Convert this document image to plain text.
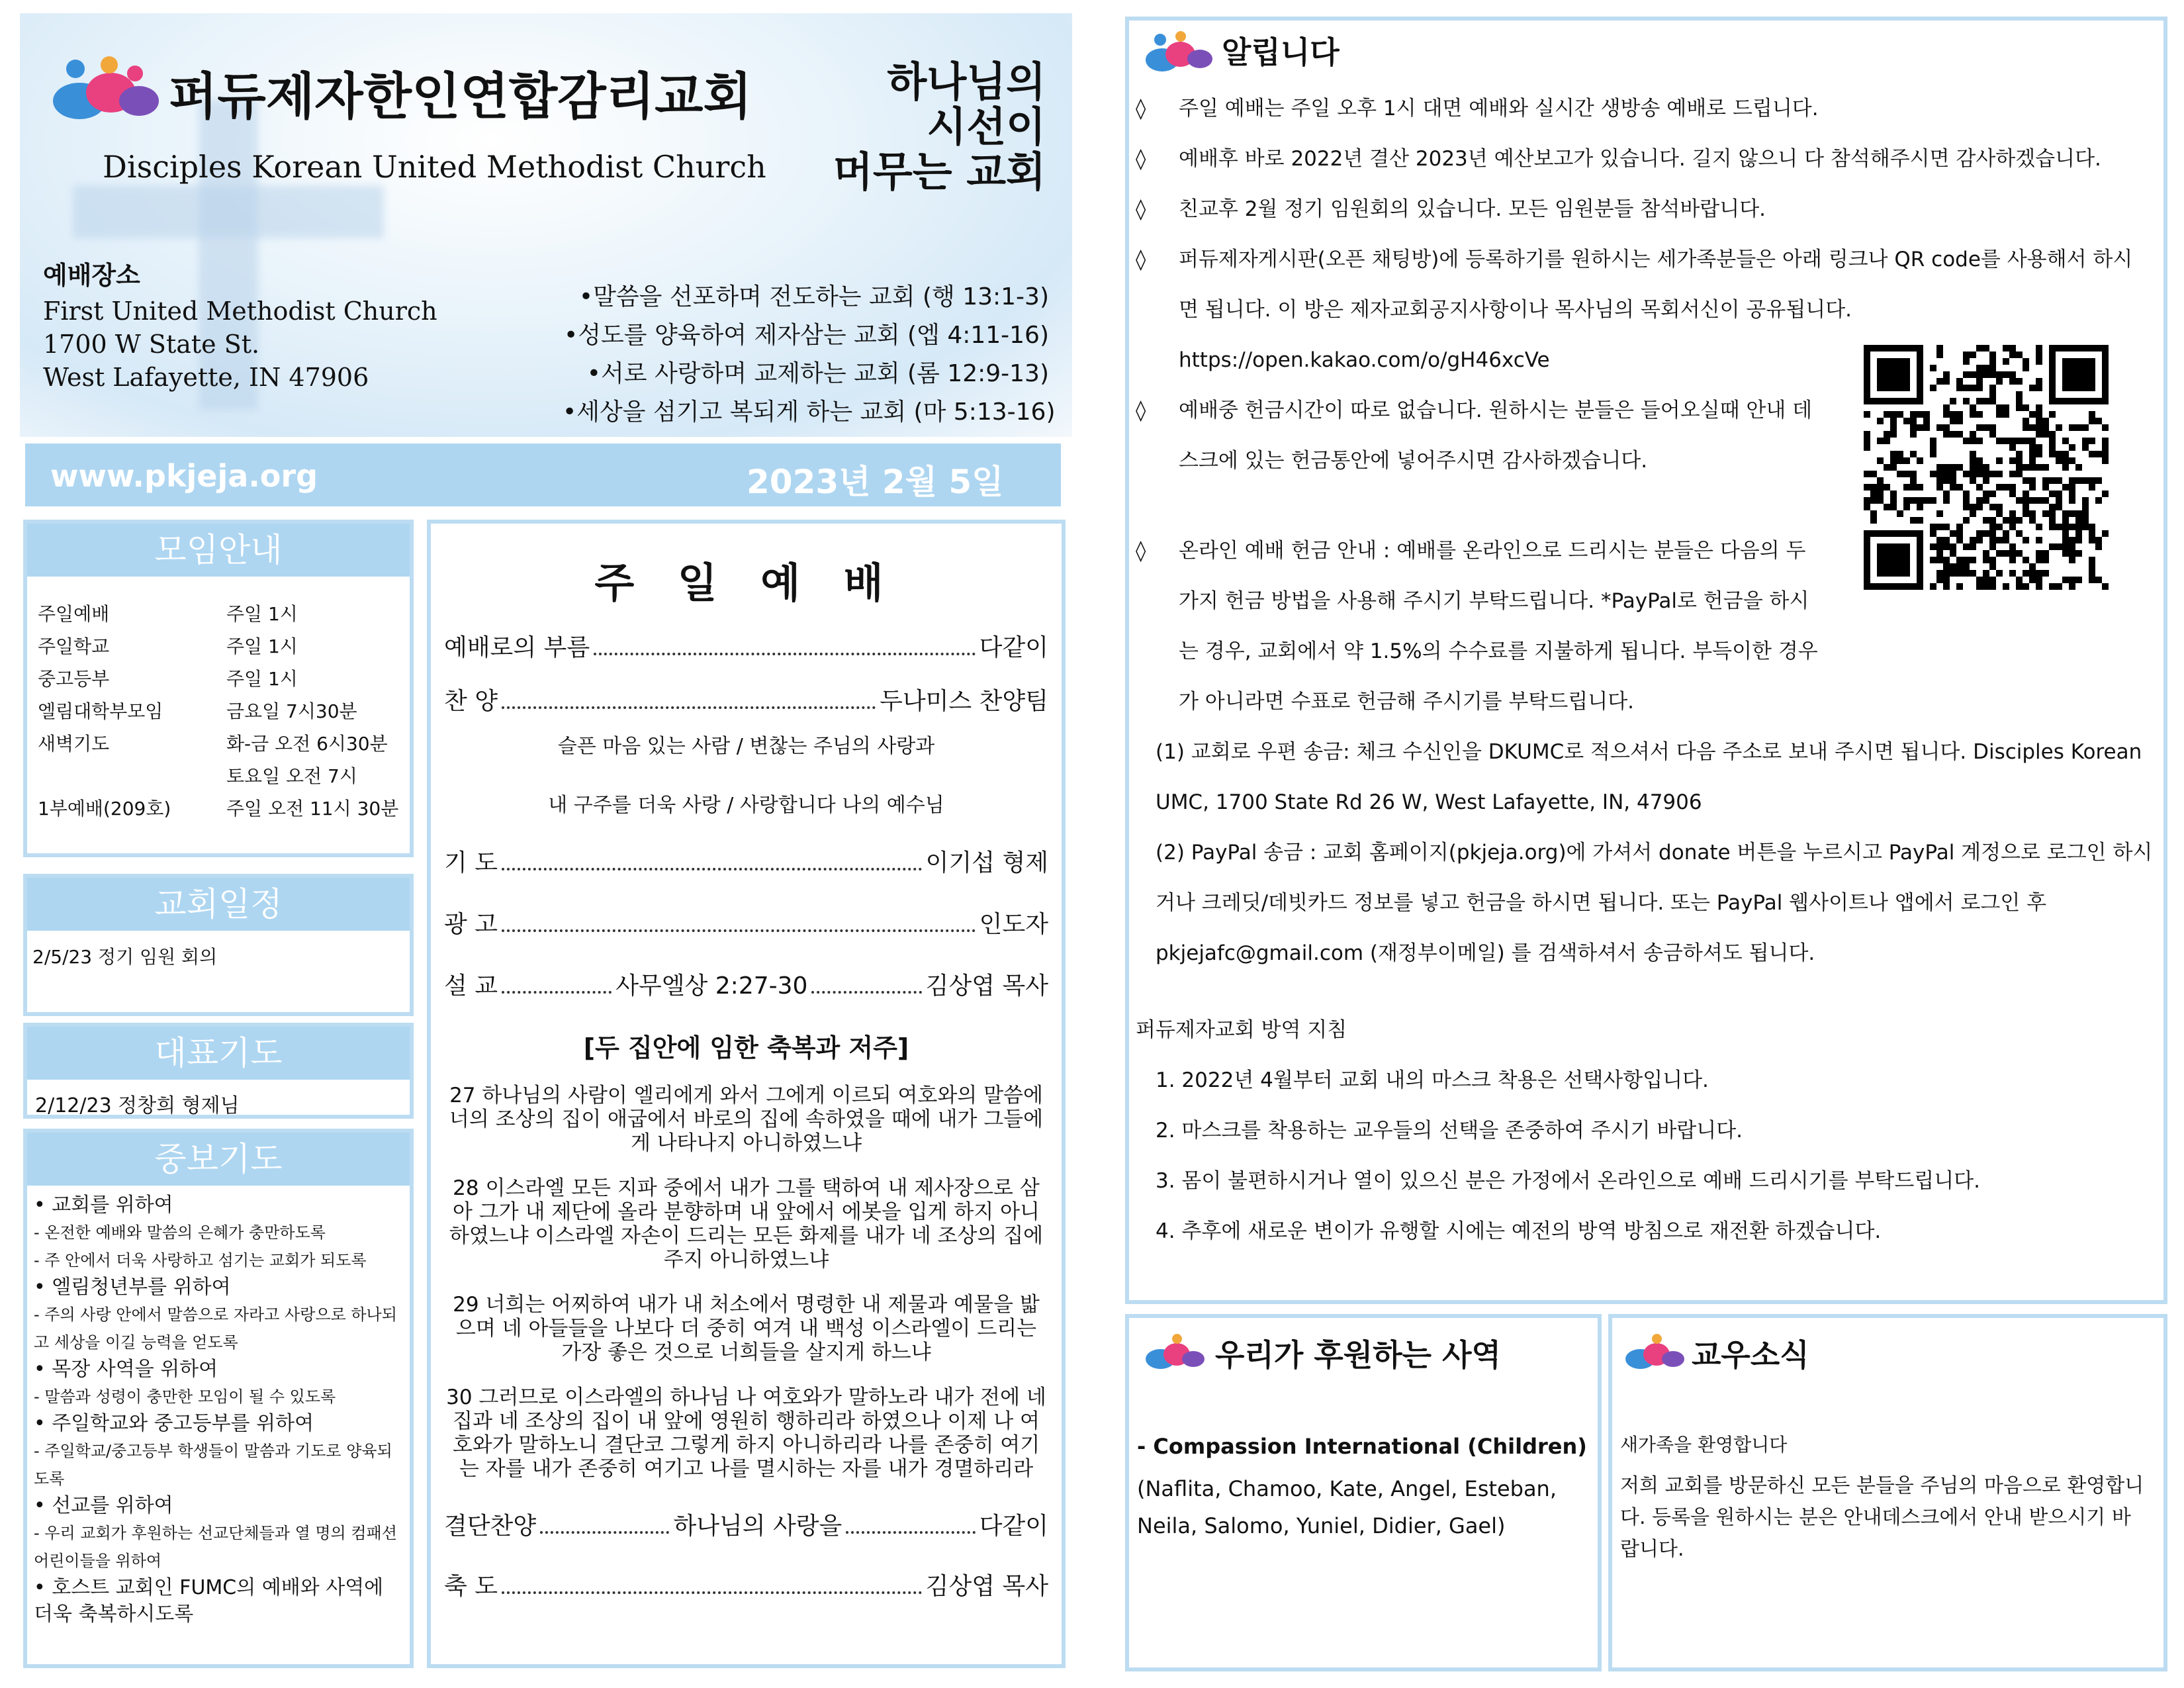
퍼듀제자한인연합감리교회
Disciples Korean United Methodist Church
하나님의
시선이
머무는 교회
예배장소
First United Methodist Church
1700 W State St.
West Lafayette, IN 47906
•말씀을 선포하며 전도하는 교회 (행 13:1-3)
•성도를 양육하여 제자삼는 교회 (엡 4:11-16)
•서로 사랑하며 교제하는 교회 (롬 12:9-13)
•세상을 섬기고 복되게 하는 교회 (마 5:13-16)
www.pkjeja.org	2023년 2월 5일
모임안내
주일예배	주일 1시
주일학교	주일 1시
중고등부	주일 1시
엘림대학부모임	금요일 7시30분
새벽기도	화-금 오전 6시30분
토요일 오전 7시
1부예배(209호)	주일 오전 11시 30분
교회일정
2/5/23 정기 임원 회의
대표기도
2/12/23 정창희 형제님
중보기도
• 교회를 위하여
- 온전한 예배와 말씀의 은혜가 충만하도록
- 주 안에서 더욱 사랑하고 섬기는 교회가 되도록
• 엘림청년부를 위하여
- 주의 사랑 안에서 말씀으로 자라고 사랑으로 하나되고 세상을 이길 능력을 얻도록
• 목장 사역을 위하여
- 말씀과 성령이 충만한 모임이 될 수 있도록
• 주일학교와 중고등부를 위하여
- 주일학교/중고등부 학생들이 말씀과 기도로 양육되도록
• 선교를 위하여
- 우리 교회가 후원하는 선교단체들과 열 명의 컴패션 어린이들을 위하여
• 호스트 교회인 FUMC의 예배와 사역에 더욱 축복하시도록
주 일 예 배
예배로의 부름	다같이
찬 양	두나미스 찬양팀
슬픈 마음 있는 사람 / 변찮는 주님의 사랑과
내 구주를 더욱 사랑 / 사랑합니다 나의 예수님
기 도	이기섭 형제
광 고	인도자
설 교	사무엘상 2:27-30	김상엽 목사
[두 집안에 임한 축복과 저주]
27 하나님의 사람이 엘리에게 와서 그에게 이르되 여호와의 말씀에 너의 조상의 집이 애굽에서 바로의 집에 속하였을 때에 내가 그들에게 나타나지 아니하였느냐
28 이스라엘 모든 지파 중에서 내가 그를 택하여 내 제사장으로 삼아 그가 내 제단에 올라 분향하며 내 앞에서 에봇을 입게 하지 아니하였느냐 이스라엘 자손이 드리는 모든 화제를 내가 네 조상의 집에 주지 아니하였느냐
29 너희는 어찌하여 내가 내 처소에서 명령한 내 제물과 예물을 밟으며 네 아들들을 나보다 더 중히 여겨 내 백성 이스라엘이 드리는 가장 좋은 것으로 너희들을 살지게 하느냐
30 그러므로 이스라엘의 하나님 나 여호와가 말하노라 내가 전에 네 집과 네 조상의 집이 내 앞에 영원히 행하리라 하였으나 이제 나 여호와가 말하노니 결단코 그렇게 하지 아니하리라 나를 존중히 여기는 자를 내가 존중히 여기고 나를 멸시하는 자를 내가 경멸하리라
결단찬양	하나님의 사랑을	다같이
축 도	김상엽 목사
알립니다
◊	주일 예배는 주일 오후 1시 대면 예배와 실시간 생방송 예배로 드립니다.
◊	예배후 바로 2022년 결산 2023년 예산보고가 있습니다. 길지 않으니 다 참석해주시면 감사하겠습니다.
◊	친교후 2월 정기 임원회의 있습니다. 모든 임원분들 참석바랍니다.
◊	퍼듀제자게시판(오픈 채팅방)에 등록하기를 원하시는 세가족분들은 아래 링크나 QR code를 사용해서 하시면 됩니다. 이 방은 제자교회공지사항이나 목사님의 목회서신이 공유됩니다.
https://open.kakao.com/o/gH46xcVe
◊	예배중 헌금시간이 따로 없습니다. 원하시는 분들은 들어오실때 안내 데스크에 있는 헌금통안에 넣어주시면 감사하겠습니다.
◊	온라인 예배 헌금 안내 : 예배를 온라인으로 드리시는 분들은 다음의 두 가지 헌금 방법을 사용해 주시기 부탁드립니다. *PayPal로 헌금을 하시는 경우, 교회에서 약 1.5%의 수수료를 지불하게 됩니다. 부득이한 경우가 아니라면 수표로 헌금해 주시기를 부탁드립니다.
(1) 교회로 우편 송금: 체크 수신인을 DKUMC로 적으셔서 다음 주소로 보내 주시면 됩니다. Disciples Korean UMC, 1700 State Rd 26 W, West Lafayette, IN, 47906
(2) PayPal 송금 : 교회 홈페이지(pkjeja.org)에 가셔서 donate 버튼을 누르시고 PayPal 계정으로 로그인 하시거나 크레딧/데빗카드 정보를 넣고 헌금을 하시면 됩니다. 또는 PayPal 웹사이트나 앱에서 로그인 후 pkjejafc@gmail.com (재정부이메일) 를 검색하셔서 송금하셔도 됩니다.
퍼듀제자교회 방역 지침
1. 2022년 4월부터 교회 내의 마스크 착용은 선택사항입니다.
2. 마스크를 착용하는 교우들의 선택을 존중하여 주시기 바랍니다.
3. 몸이 불편하시거나 열이 있으신 분은 가정에서 온라인으로 예배 드리시기를 부탁드립니다.
4. 추후에 새로운 변이가 유행할 시에는 예전의 방역 방침으로 재전환 하겠습니다.
우리가 후원하는 사역
- Compassion International (Children)
(Naflita, Chamoo, Kate, Angel, Esteban, Neila, Salomo, Yuniel, Didier, Gael)
교우소식
새가족을 환영합니다
저희 교회를 방문하신 모든 분들을 주님의 마음으로 환영합니다. 등록을 원하시는 분은 안내데스크에서 안내 받으시기 바랍니다.
